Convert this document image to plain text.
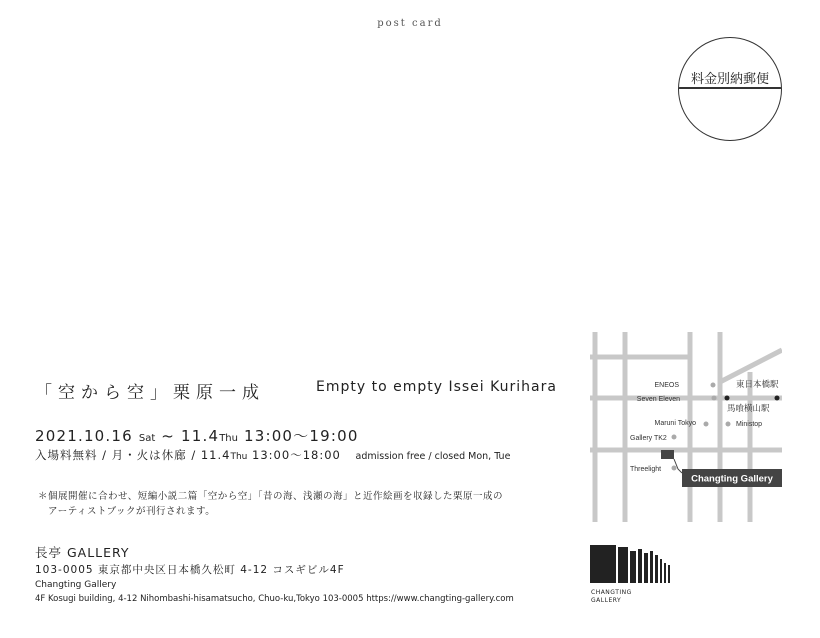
post card
料金別納郵便
「空から空」栗原一成	Empty to empty Issei Kurihara
2021.10.16 Sat ~ 11.4Thu 13:00〜19:00
入場料無料 / 月・火は休廊 / 11.4Thu 13:00〜18:00 admission free / closed Mon, Tue
＊個展開催に合わせ、短編小説二篇「空から空」「昔の海、浅瀬の海」と近作絵画を収録した栗原一成の
アーティストブックが刊行されます。
長亭 GALLERY
103-0005 東京都中央区日本橋久松町 4-12 コスギビル4F
Changting Gallery
4F Kosugi building, 4-12 Nihombashi-hisamatsucho, Chuo-ku,Tokyo 103-0005 https://www.changting-gallery.com
ENEOS
Seven Eleven
Maruni Tokyo
Gallery TK2
Threelight
東日本橋駅
馬喰横山駅
Ministop
Changting Gallery
CHANGTING
GALLERY
